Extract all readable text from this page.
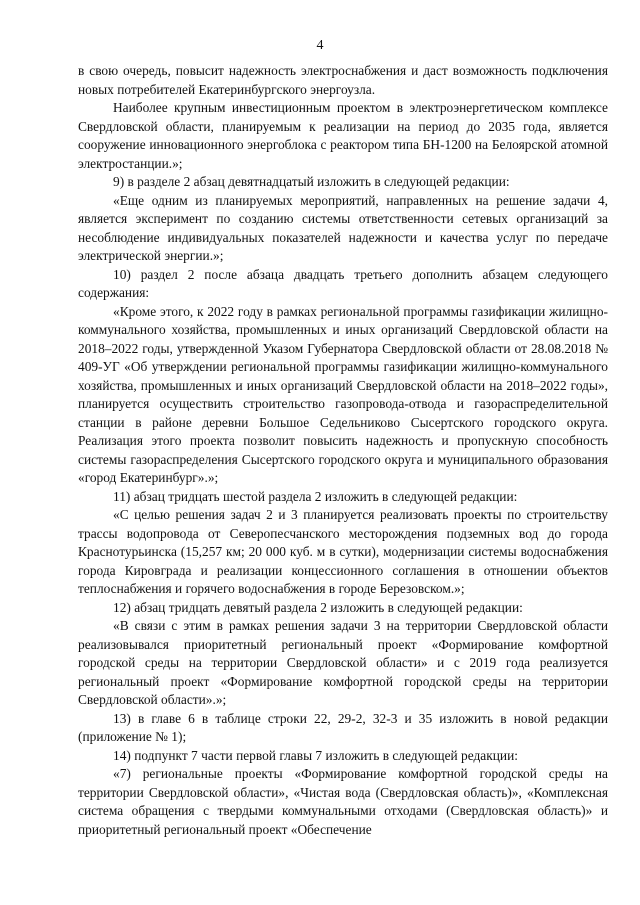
4

в свою очередь, повысит надежность электроснабжения и даст возможность подключения новых потребителей Екатеринбургского энергоузла.

Наиболее крупным инвестиционным проектом в электроэнергетическом комплексе Свердловской области, планируемым к реализации на период до 2035 года, является сооружение инновационного энергоблока с реактором типа БН-1200 на Белоярской атомной электростанции.»;

9) в разделе 2 абзац девятнадцатый изложить в следующей редакции:

«Еще одним из планируемых мероприятий, направленных на решение задачи 4, является эксперимент по созданию системы ответственности сетевых организаций за несоблюдение индивидуальных показателей надежности и качества услуг по передаче электрической энергии.»;

10) раздел 2 после абзаца двадцать третьего дополнить абзацем следующего содержания:

«Кроме этого, к 2022 году в рамках региональной программы газификации жилищно-коммунального хозяйства, промышленных и иных организаций Свердловской области на 2018–2022 годы, утвержденной Указом Губернатора Свердловской области от 28.08.2018 № 409-УГ «Об утверждении региональной программы газификации жилищно-коммунального хозяйства, промышленных и иных организаций Свердловской области на 2018–2022 годы», планируется осуществить строительство газопровода-отвода и газораспределительной станции в районе деревни Большое Седельниково Сысертского городского округа. Реализация этого проекта позволит повысить надежность и пропускную способность системы газораспределения Сысертского городского округа и муниципального образования «город Екатеринбург».»;

11) абзац тридцать шестой раздела 2 изложить в следующей редакции:

«С целью решения задач 2 и 3 планируется реализовать проекты по строительству трассы водопровода от Северопесчанского месторождения подземных вод до города Краснотурьинска (15,257 км; 20 000 куб. м в сутки), модернизации системы водоснабжения города Кировграда и реализации концессионного соглашения в отношении объектов теплоснабжения и горячего водоснабжения в городе Березовском.»;

12) абзац тридцать девятый раздела 2 изложить в следующей редакции:

«В связи с этим в рамках решения задачи 3 на территории Свердловской области реализовывался приоритетный региональный проект «Формирование комфортной городской среды на территории Свердловской области» и с 2019 года реализуется региональный проект «Формирование комфортной городской среды на территории Свердловской области».»;

13) в главе 6 в таблице строки 22, 29-2, 32-3 и 35 изложить в новой редакции (приложение № 1);

14) подпункт 7 части первой главы 7 изложить в следующей редакции:

«7) региональные проекты «Формирование комфортной городской среды на территории Свердловской области», «Чистая вода (Свердловская область)», «Комплексная система обращения с твердыми коммунальными отходами (Свердловская область)» и приоритетный региональный проект «Обеспечение
